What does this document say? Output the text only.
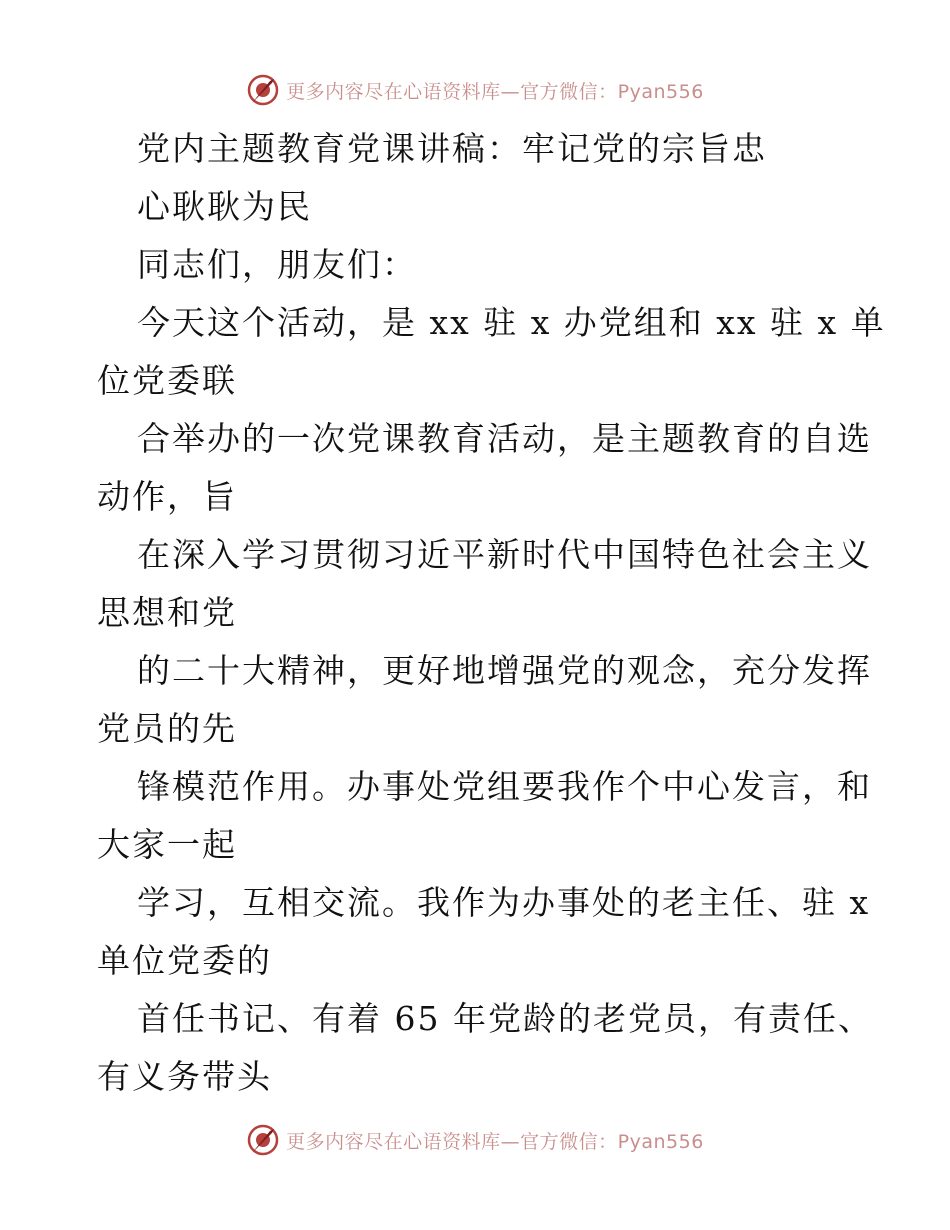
更多内容尽在心语资料库—官方微信：Pyan556
党内主题教育党课讲稿：牢记党的宗旨忠
心耿耿为民
同志们，朋友们：
今天这个活动，是 xx 驻 x 办党组和 xx 驻 x 单
位党委联
合举办的一次党课教育活动，是主题教育的自选
动作，旨
在深入学习贯彻习近平新时代中国特色社会主义
思想和党
的二十大精神，更好地增强党的观念，充分发挥
党员的先
锋模范作用。办事处党组要我作个中心发言，和
大家一起
学习，互相交流。我作为办事处的老主任、驻 x
单位党委的
首任书记、有着 65 年党龄的老党员，有责任、
有义务带头
更多内容尽在心语资料库—官方微信：Pyan556
